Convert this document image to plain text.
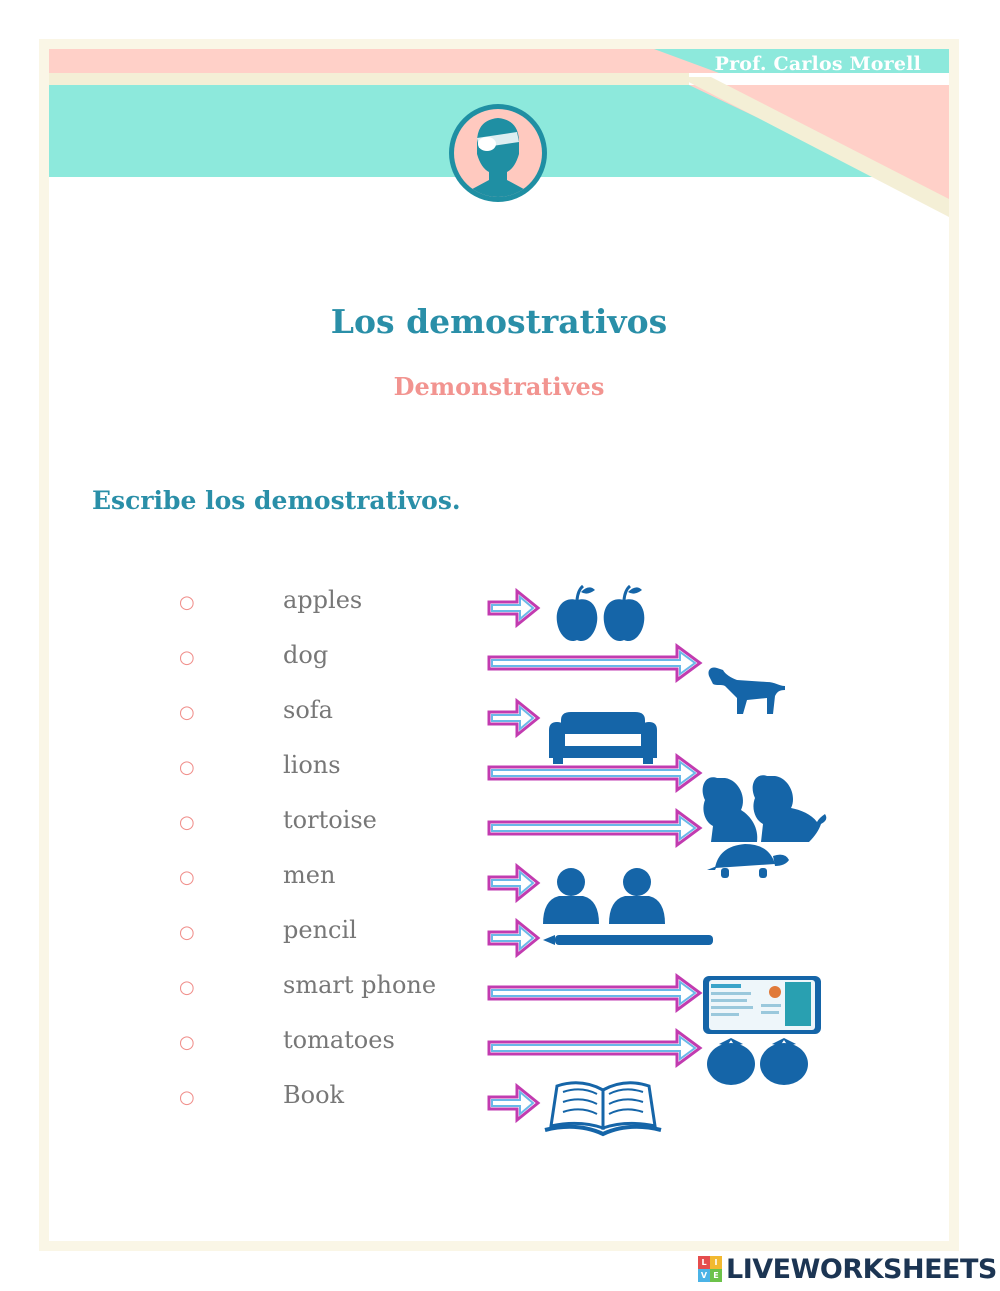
Prof. Carlos Morell
Los demostrativos
Demonstratives
Escribe los demostrativos.
○	apples
○	dog
○	sofa
○	lions
○	tortoise
○	men
○	pencil
○	smart phone
○	tomatoes
○	Book
L I
V E LIVEWORKSHEETS
